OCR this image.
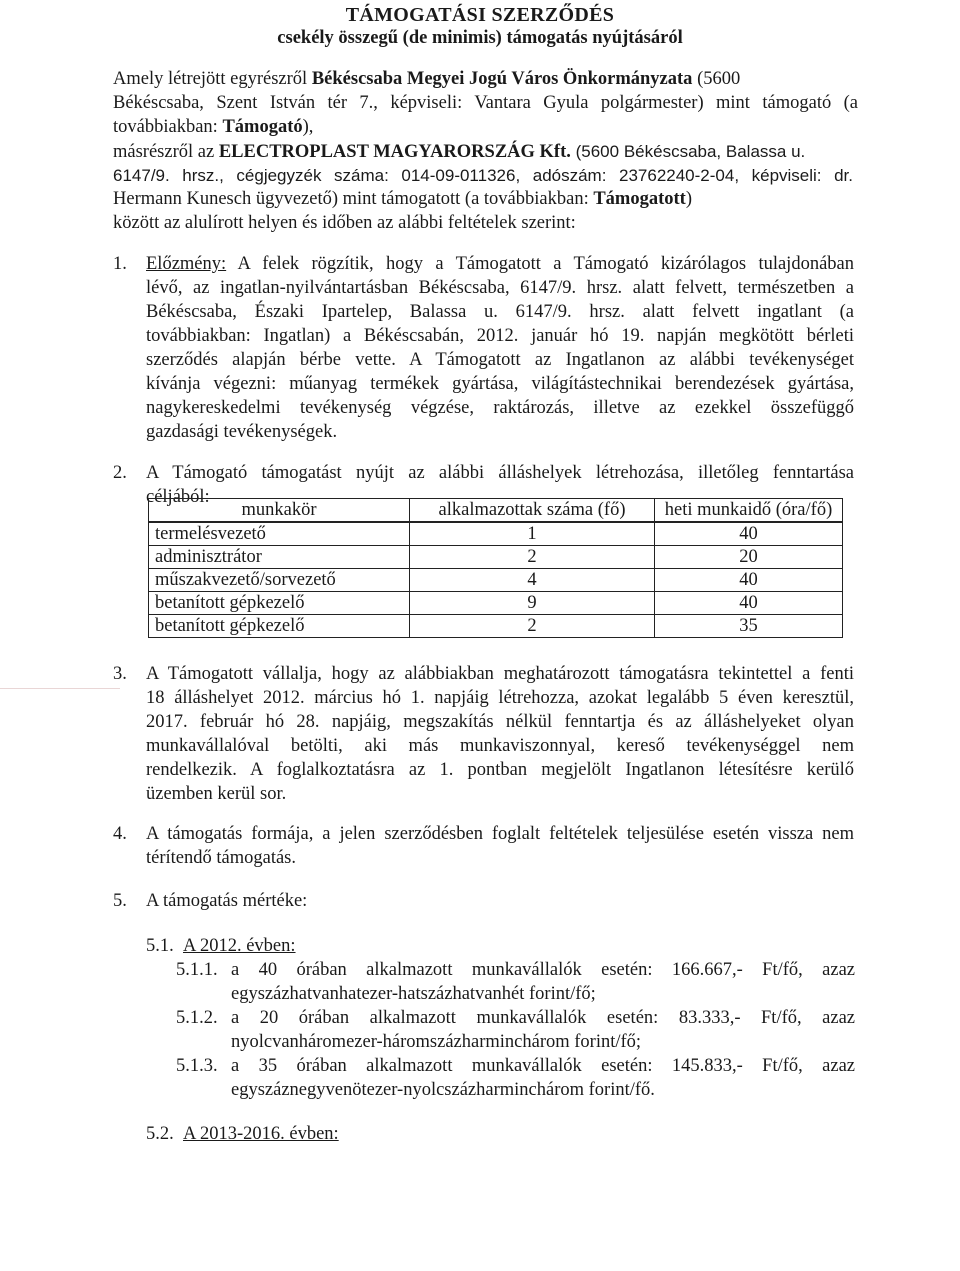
TÁMOGATÁSI SZERZŐDÉS
csekély összegű (de minimis) támogatás nyújtásáról
Amely létrejött egyrészről Békéscsaba Megyei Jogú Város Önkormányzata (5600
Békéscsaba, Szent István tér 7., képviseli: Vantara Gyula polgármester) mint támogató (a
továbbiakban: Támogató),
másrészről az ELECTROPLAST MAGYARORSZÁG Kft. (5600 Békéscsaba, Balassa u.
6147/9. hrsz., cégjegyzék száma: 014-09-011326, adószám: 23762240-2-04, képviseli: dr.
Hermann Kunesch ügyvezető) mint támogatott (a továbbiakban: Támogatott)
között az alulírott helyen és időben az alábbi feltételek szerint:
1. Előzmény: A felek rögzítik, hogy a Támogatott a Támogató kizárólagos tulajdonában
lévő, az ingatlan-nyilvántartásban Békéscsaba, 6147/9. hrsz. alatt felvett, természetben a
Békéscsaba, Északi Ipartelep, Balassa u. 6147/9. hrsz. alatt felvett ingatlant (a
továbbiakban: Ingatlan) a Békéscsabán, 2012. január hó 19. napján megkötött bérleti
szerződés alapján bérbe vette. A Támogatott az Ingatlanon az alábbi tevékenységet
kívánja végezni: műanyag termékek gyártása, világítástechnikai berendezések gyártása,
nagykereskedelmi tevékenység végzése, raktározás, illetve az ezekkel összefüggő
gazdasági tevékenységek.
2. A Támogató támogatást nyújt az alábbi álláshelyek létrehozása, illetőleg fenntartása
céljából:
munkakör	alkalmazottak száma (fő)	heti munkaidő (óra/fő)
termelésvezető	1	40
adminisztrátor	2	20
műszakvezető/sorvezető	4	40
betanított gépkezelő	9	40
betanított gépkezelő	2	35
3. A Támogatott vállalja, hogy az alábbiakban meghatározott támogatásra tekintettel a fenti
18 álláshelyet 2012. március hó 1. napjáig létrehozza, azokat legalább 5 éven keresztül,
2017. február hó 28. napjáig, megszakítás nélkül fenntartja és az álláshelyeket olyan
munkavállalóval betölti, aki más munkaviszonnyal, kereső tevékenységgel nem
rendelkezik. A foglalkoztatásra az 1. pontban megjelölt Ingatlanon létesítésre kerülő
üzemben kerül sor.
4. A támogatás formája, a jelen szerződésben foglalt feltételek teljesülése esetén vissza nem
térítendő támogatás.
5. A támogatás mértéke:
5.1. A 2012. évben:
5.1.1. a 40 órában alkalmazott munkavállalók esetén: 166.667,- Ft/fő, azaz
egyszázhatvanhatezer-hatszázhatvanhét forint/fő;
5.1.2. a 20 órában alkalmazott munkavállalók esetén: 83.333,- Ft/fő, azaz
nyolcvanháromezer-háromszázharminchárom forint/fő;
5.1.3. a 35 órában alkalmazott munkavállalók esetén: 145.833,- Ft/fő, azaz
egyszáznegyvenötezer-nyolcszázharminchárom forint/fő.
5.2. A 2013-2016. évben:
